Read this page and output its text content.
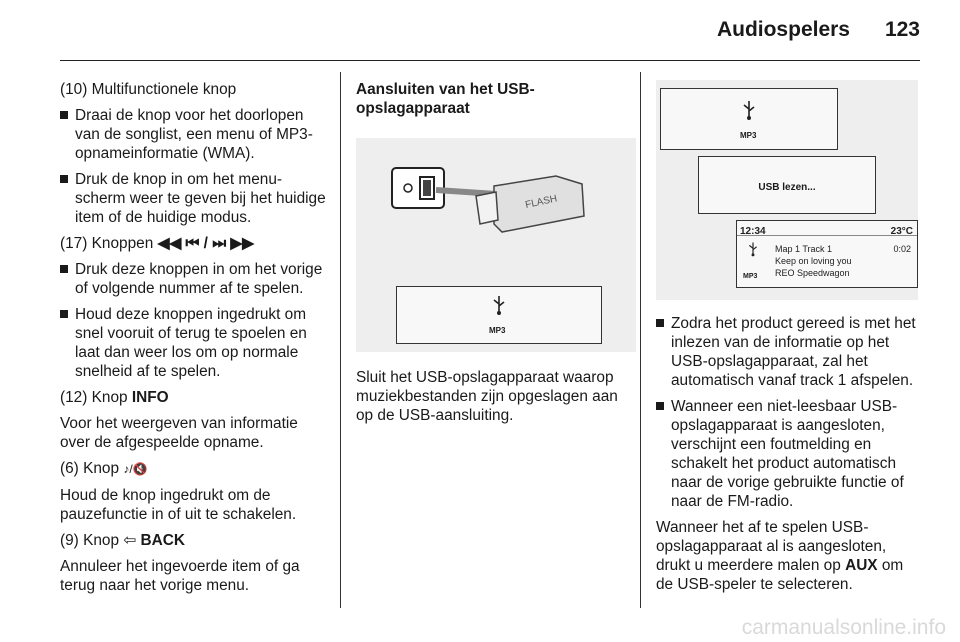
Audiospelers 123

(10) Multifunctionele knop

Draai de knop voor het doorlopen van de songlist, een menu of MP3-opnameinformatie (WMA).
Druk de knop in om het menu-scherm weer te geven bij het huidige item of de huidige modus.

(17) Knoppen ◀◀ ⏮ / ⏭ ▶▶

Druk deze knoppen in om het vorige of volgende nummer af te spelen.
Houd deze knoppen ingedrukt om snel vooruit of terug te spoelen en laat dan weer los om op normale snelheid af te spelen.

(12) Knop INFO

Voor het weergeven van informatie over de afgespeelde opname.

(6) Knop ♪/🔇

Houd de knop ingedrukt om de pauzefunctie in of uit te schakelen.

(9) Knop ⇦ BACK

Annuleer het ingevoerde item of ga terug naar het vorige menu.

Aansluiten van het USB-opslagapparaat
FLASH
MP3

Sluit het USB-opslagapparaat waarop muziekbestanden zijn opgeslagen aan op de USB-aansluiting.

MP3
USB lezen...
12:34	23°C
MP3
Map 1 Track 1	0:02
Keep on loving you
REO Speedwagon
Zodra het product gereed is met het inlezen van de informatie op het USB-opslagapparaat, zal het automatisch vanaf track 1 afspelen.
Wanneer een niet-leesbaar USB-opslagapparaat is aangesloten, verschijnt een foutmelding en schakelt het product automatisch naar de vorige gebruikte functie of naar de FM-radio.

Wanneer het af te spelen USB-opslagapparaat al is aangesloten, drukt u meerdere malen op AUX om de USB-speler te selecteren.

carmanualsonline.info
